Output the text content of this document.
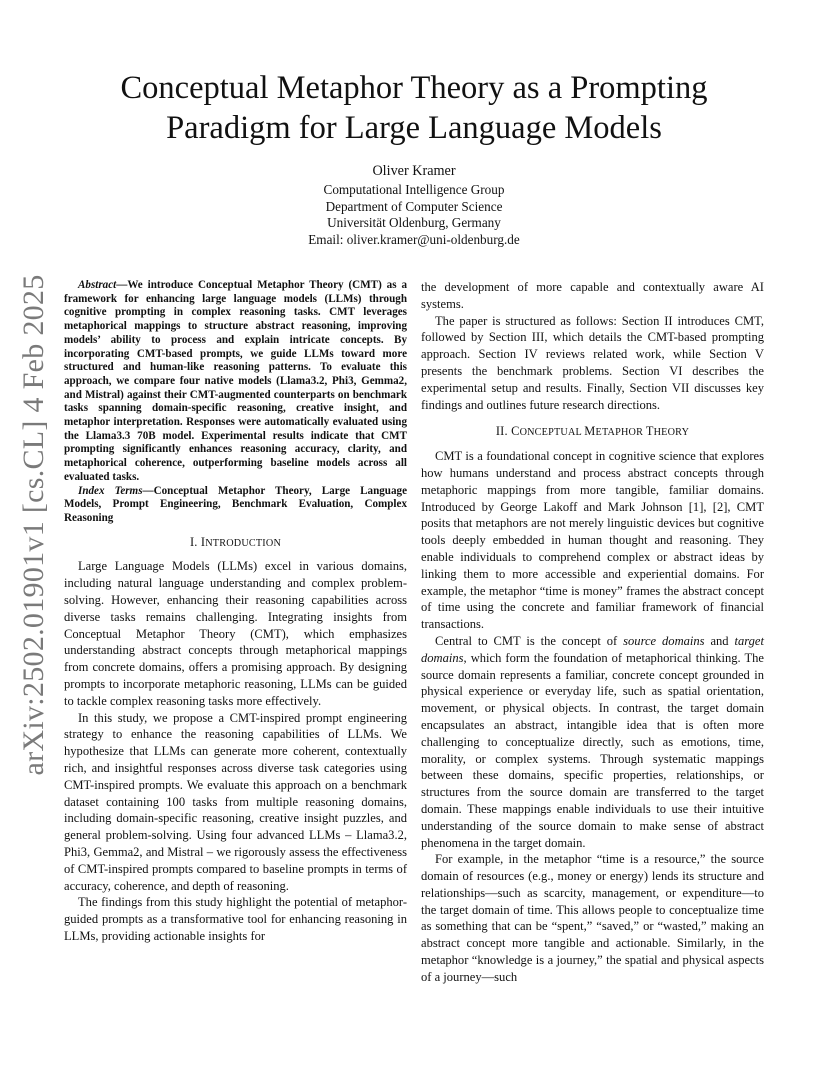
arXiv:2502.01901v1 [cs.CL] 4 Feb 2025
Conceptual Metaphor Theory as a Prompting
Paradigm for Large Language Models
Oliver Kramer
Computational Intelligence Group
Department of Computer Science
Universität Oldenburg, Germany
Email: oliver.kramer@uni-oldenburg.de

Abstract—We introduce Conceptual Metaphor Theory (CMT) as a framework for enhancing large language models (LLMs) through cognitive prompting in complex reasoning tasks. CMT leverages metaphorical mappings to structure abstract reasoning, improving models’ ability to process and explain intricate concepts. By incorporating CMT-based prompts, we guide LLMs toward more structured and human-like reasoning patterns. To evaluate this approach, we compare four native models (Llama3.2, Phi3, Gemma2, and Mistral) against their CMT-augmented counterparts on benchmark tasks spanning domain-specific reasoning, creative insight, and metaphor interpretation. Responses were automatically evaluated using the Llama3.3 70B model. Experimental results indicate that CMT prompting significantly enhances reasoning accuracy, clarity, and metaphorical coherence, outperforming baseline models across all evaluated tasks.

Index Terms—Conceptual Metaphor Theory, Large Language Models, Prompt Engineering, Benchmark Evaluation, Complex Reasoning

I. INTRODUCTION

Large Language Models (LLMs) excel in various domains, including natural language understanding and complex problem-solving. However, enhancing their reasoning capabilities across diverse tasks remains challenging. Integrating insights from Conceptual Metaphor Theory (CMT), which emphasizes understanding abstract concepts through metaphorical mappings from concrete domains, offers a promising approach. By designing prompts to incorporate metaphoric reasoning, LLMs can be guided to tackle complex reasoning tasks more effectively.

In this study, we propose a CMT-inspired prompt engineering strategy to enhance the reasoning capabilities of LLMs. We hypothesize that LLMs can generate more coherent, contextually rich, and insightful responses across diverse task categories using CMT-inspired prompts. We evaluate this approach on a benchmark dataset containing 100 tasks from multiple reasoning domains, including domain-specific reasoning, creative insight puzzles, and general problem-solving. Using four advanced LLMs – Llama3.2, Phi3, Gemma2, and Mistral – we rigorously assess the effectiveness of CMT-inspired prompts compared to baseline prompts in terms of accuracy, coherence, and depth of reasoning.

The findings from this study highlight the potential of metaphor-guided prompts as a transformative tool for enhancing reasoning in LLMs, providing actionable insights for

the development of more capable and contextually aware AI systems.

The paper is structured as follows: Section II introduces CMT, followed by Section III, which details the CMT-based prompting approach. Section IV reviews related work, while Section V presents the benchmark problems. Section VI describes the experimental setup and results. Finally, Section VII discusses key findings and outlines future research directions.

II. CONCEPTUAL METAPHOR THEORY

CMT is a foundational concept in cognitive science that explores how humans understand and process abstract concepts through metaphoric mappings from more tangible, familiar domains. Introduced by George Lakoff and Mark Johnson [1], [2], CMT posits that metaphors are not merely linguistic devices but cognitive tools deeply embedded in human thought and reasoning. They enable individuals to comprehend complex or abstract ideas by linking them to more accessible and experiential domains. For example, the metaphor “time is money” frames the abstract concept of time using the concrete and familiar framework of financial transactions.

Central to CMT is the concept of source domains and target domains, which form the foundation of metaphorical thinking. The source domain represents a familiar, concrete concept grounded in physical experience or everyday life, such as spatial orientation, movement, or physical objects. In contrast, the target domain encapsulates an abstract, intangible idea that is often more challenging to conceptualize directly, such as emotions, time, morality, or complex systems. Through systematic mappings between these domains, specific properties, relationships, or structures from the source domain are transferred to the target domain. These mappings enable individuals to use their intuitive understanding of the source domain to make sense of abstract phenomena in the target domain.

For example, in the metaphor “time is a resource,” the source domain of resources (e.g., money or energy) lends its structure and relationships—such as scarcity, management, or expenditure—to the target domain of time. This allows people to conceptualize time as something that can be “spent,” “saved,” or “wasted,” making an abstract concept more tangible and actionable. Similarly, in the metaphor “knowledge is a journey,” the spatial and physical aspects of a journey—such
